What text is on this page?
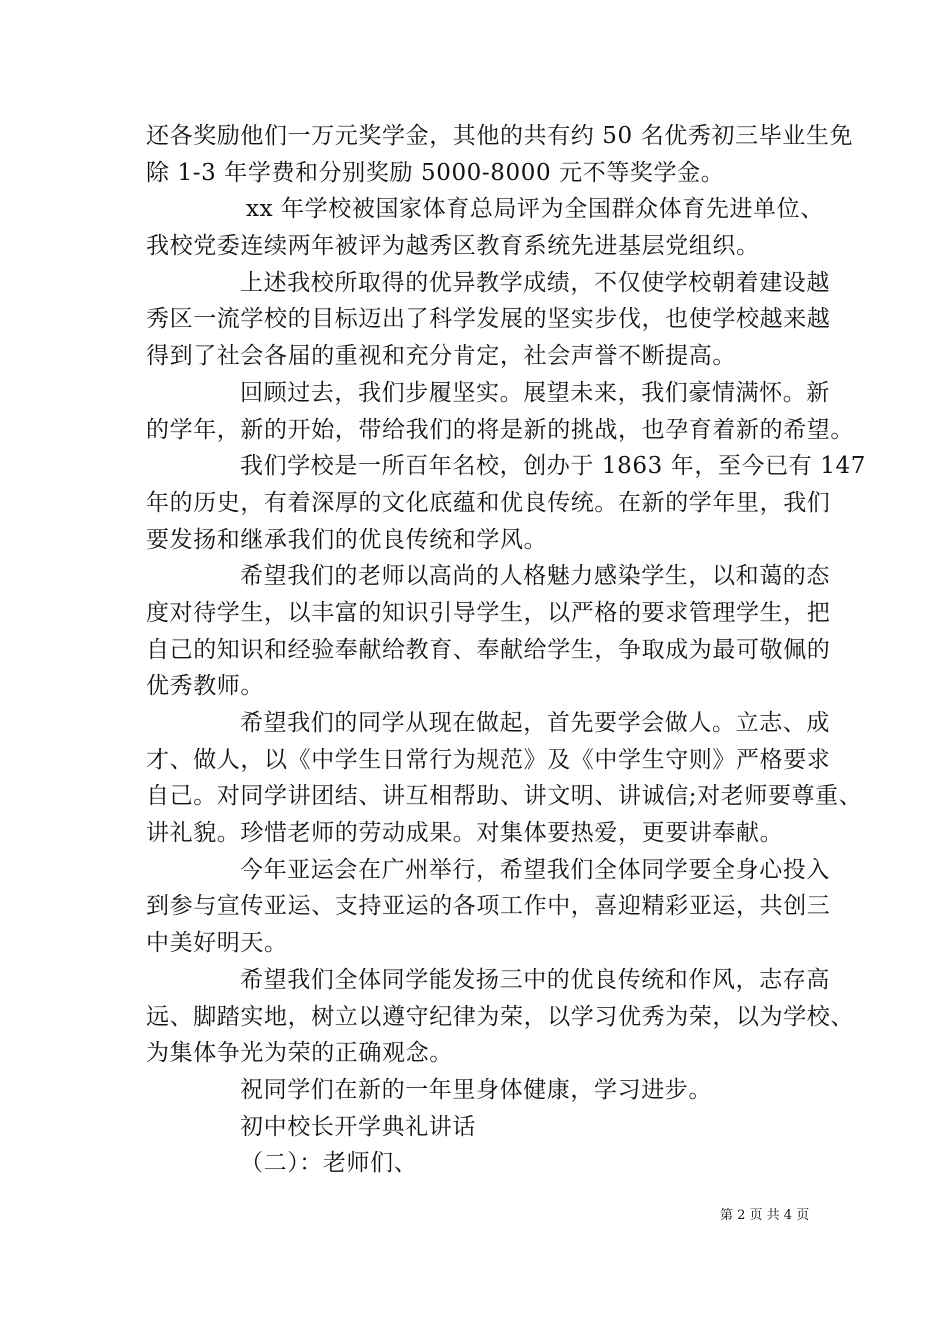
还各奖励他们一万元奖学金，其他的共有约 50 名优秀初三毕业生免
除 1-3 年学费和分别奖励 5000-8000 元不等奖学金。
xx 年学校被国家体育总局评为全国群众体育先进单位、
我校党委连续两年被评为越秀区教育系统先进基层党组织。
上述我校所取得的优异教学成绩，不仅使学校朝着建设越
秀区一流学校的目标迈出了科学发展的坚实步伐，也使学校越来越
得到了社会各届的重视和充分肯定，社会声誉不断提高。
回顾过去，我们步履坚实。展望未来，我们豪情满怀。新
的学年，新的开始，带给我们的将是新的挑战，也孕育着新的希望。
我们学校是一所百年名校，创办于 1863 年，至今已有 147
年的历史，有着深厚的文化底蕴和优良传统。在新的学年里，我们
要发扬和继承我们的优良传统和学风。
希望我们的老师以高尚的人格魅力感染学生，以和蔼的态
度对待学生，以丰富的知识引导学生，以严格的要求管理学生，把
自己的知识和经验奉献给教育、奉献给学生，争取成为最可敬佩的
优秀教师。
希望我们的同学从现在做起，首先要学会做人。立志、成
才、做人，以《中学生日常行为规范》及《中学生守则》严格要求
自己。对同学讲团结、讲互相帮助、讲文明、讲诚信;对老师要尊重、
讲礼貌。珍惜老师的劳动成果。对集体要热爱，更要讲奉献。
今年亚运会在广州举行，希望我们全体同学要全身心投入
到参与宣传亚运、支持亚运的各项工作中，喜迎精彩亚运，共创三
中美好明天。
希望我们全体同学能发扬三中的优良传统和作风，志存高
远、脚踏实地，树立以遵守纪律为荣，以学习优秀为荣，以为学校、
为集体争光为荣的正确观念。
祝同学们在新的一年里身体健康，学习进步。
初中校长开学典礼讲话
（二）：老师们、
第 2 页 共 4 页
